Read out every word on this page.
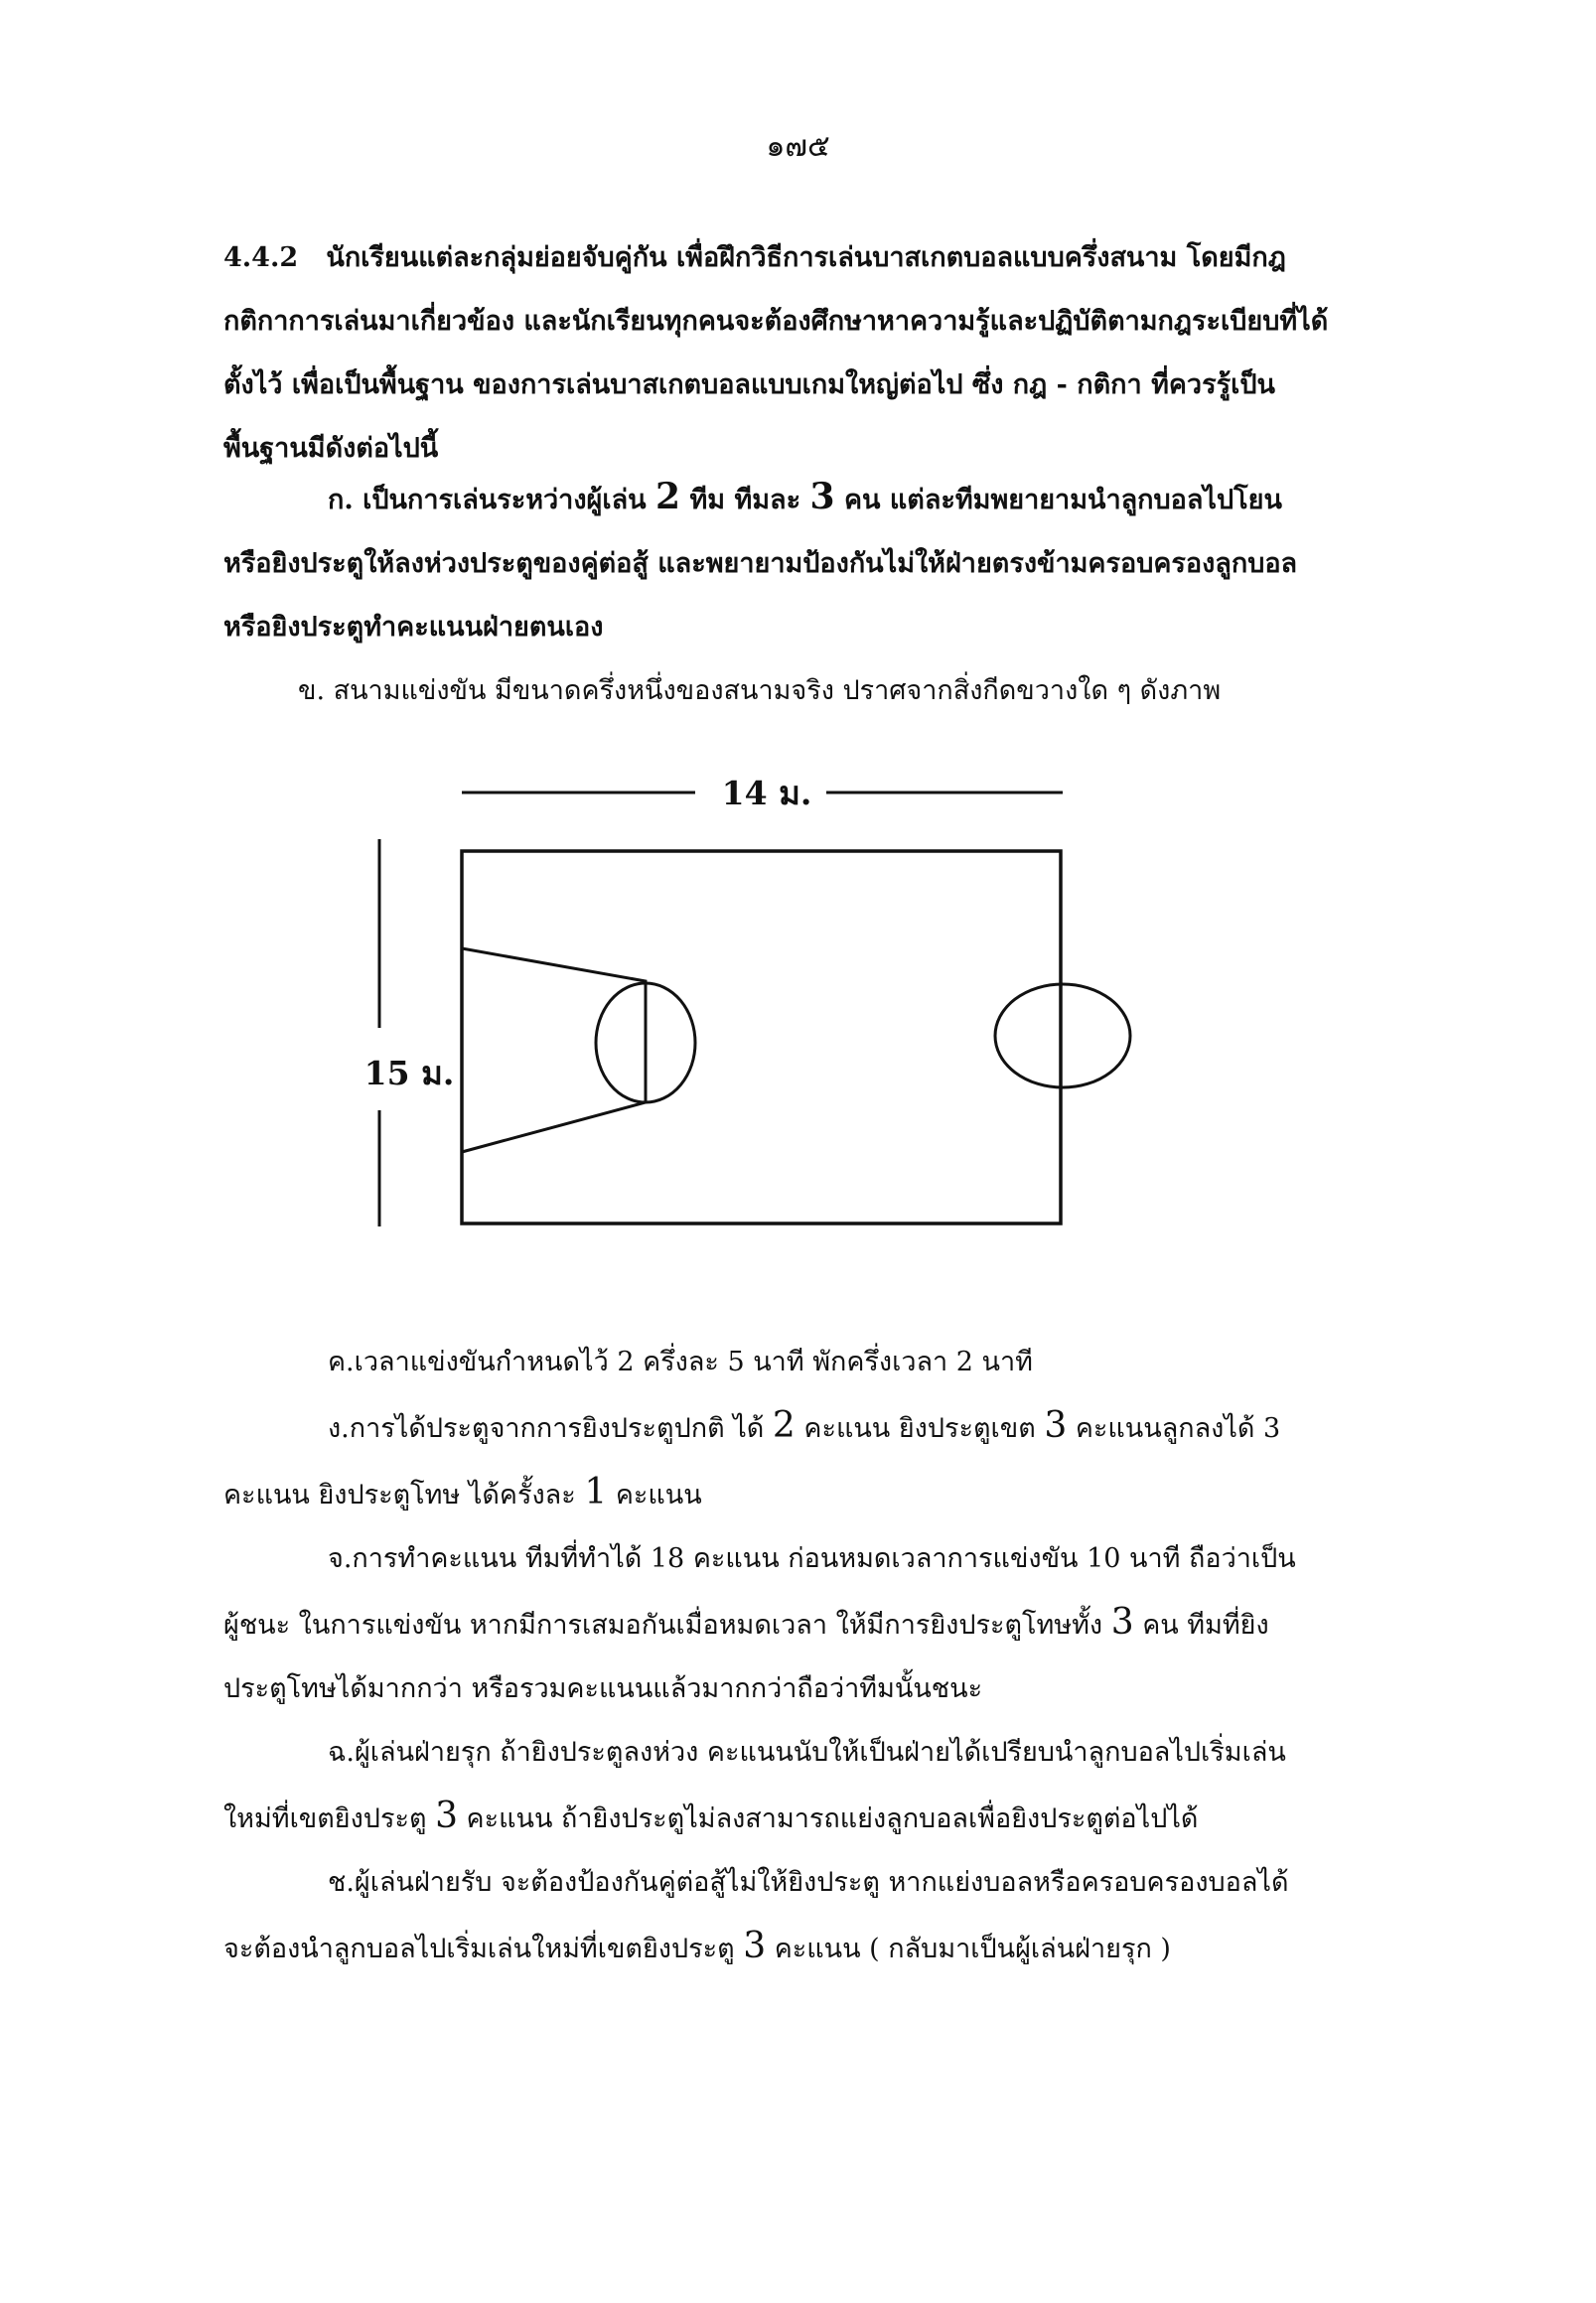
๑๗๕
4.4.2 นักเรียนแต่ละกลุ่มย่อยจับคู่กัน เพื่อฝึกวิธีการเล่นบาสเกตบอลแบบครึ่งสนาม โดยมีกฎ
กติกาการเล่นมาเกี่ยวข้อง และนักเรียนทุกคนจะต้องศึกษาหาความรู้และปฏิบัติตามกฎระเบียบที่ได้
ตั้งไว้ เพื่อเป็นพื้นฐาน ของการเล่นบาสเกตบอลแบบเกมใหญ่ต่อไป ซึ่ง กฎ - กติกา ที่ควรรู้เป็น
พื้นฐานมีดังต่อไปนี้
ก. เป็นการเล่นระหว่างผู้เล่น 2 ทีม ทีมละ 3 คน แต่ละทีมพยายามนำลูกบอลไปโยน
หรือยิงประตูให้ลงห่วงประตูของคู่ต่อสู้ และพยายามป้องกันไม่ให้ฝ่ายตรงข้ามครอบครองลูกบอล
หรือยิงประตูทำคะแนนฝ่ายตนเอง
ข. สนามแข่งขัน มีขนาดครึ่งหนึ่งของสนามจริง ปราศจากสิ่งกีดขวางใด ๆ ดังภาพ
14 ม.
15 ม.
ค.เวลาแข่งขันกำหนดไว้ 2 ครึ่งละ 5 นาที พักครึ่งเวลา 2 นาที
ง.การได้ประตูจากการยิงประตูปกติ ได้ 2 คะแนน ยิงประตูเขต 3 คะแนนลูกลงได้ 3
คะแนน ยิงประตูโทษ ได้ครั้งละ 1 คะแนน
จ.การทำคะแนน ทีมที่ทำได้ 18 คะแนน ก่อนหมดเวลาการแข่งขัน 10 นาที ถือว่าเป็น
ผู้ชนะ ในการแข่งขัน หากมีการเสมอกันเมื่อหมดเวลา ให้มีการยิงประตูโทษทั้ง 3 คน ทีมที่ยิง
ประตูโทษได้มากกว่า หรือรวมคะแนนแล้วมากกว่าถือว่าทีมนั้นชนะ
ฉ.ผู้เล่นฝ่ายรุก ถ้ายิงประตูลงห่วง คะแนนนับให้เป็นฝ่ายได้เปรียบนำลูกบอลไปเริ่มเล่น
ใหม่ที่เขตยิงประตู 3 คะแนน ถ้ายิงประตูไม่ลงสามารถแย่งลูกบอลเพื่อยิงประตูต่อไปได้
ช.ผู้เล่นฝ่ายรับ จะต้องป้องกันคู่ต่อสู้ไม่ให้ยิงประตู หากแย่งบอลหรือครอบครองบอลได้
จะต้องนำลูกบอลไปเริ่มเล่นใหม่ที่เขตยิงประตู 3 คะแนน ( กลับมาเป็นผู้เล่นฝ่ายรุก )
